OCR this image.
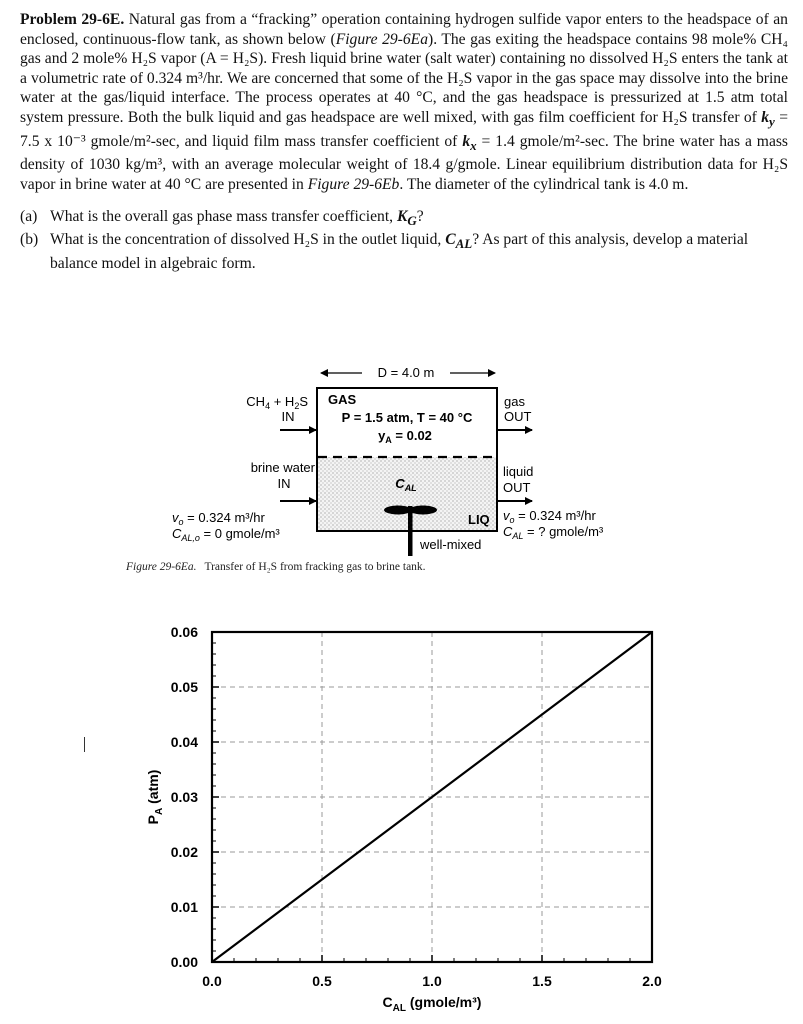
Problem 29-6E. Natural gas from a “fracking” operation containing hydrogen sulfide vapor enters to the headspace of an enclosed, continuous-flow tank, as shown below (Figure 29-6Ea). The gas exiting the headspace contains 98 mole% CH₄ gas and 2 mole% H₂S vapor (A = H₂S). Fresh liquid brine water (salt water) containing no dissolved H₂S enters the tank at a volumetric rate of 0.324 m³/hr. We are concerned that some of the H₂S vapor in the gas space may dissolve into the brine water at the gas/liquid interface. The process operates at 40 °C, and the gas headspace is pressurized at 1.5 atm total system pressure. Both the bulk liquid and gas headspace are well mixed, with gas film coefficient for H₂S transfer of $k_y = 7.5$ x 10⁻³ gmole/m²-sec, and liquid film mass transfer coefficient of $k_x = 1.4$ gmole/m²-sec. The brine water has a mass density of 1030 kg/m³, with an average molecular weight of 18.4 g/gmole. Linear equilibrium distribution data for H₂S vapor in brine water at 40 °C are presented in Figure 29-6Eb. The diameter of the cylindrical tank is 4.0 m.

(a) What is the overall gas phase mass transfer coefficient, $K_G$?
(b) What is the concentration of dissolved H₂S in the outlet liquid, $C_{AL}$? As part of this analysis, develop a material balance model in algebraic form.
D = 4.0 m
GAS
P = 1.5 atm, T = 40 °C
$y_A = 0.02$
$CH_4 + H_2S$
IN
gas
OUT
brine water
IN	$C_{AL}$
liquid
OUT
LIQ
well-mixed
$v_o = 0.324$ m³/hr
$C_{AL,o} = 0$ gmole/m³
$v_o = 0.324$ m³/hr
$C_{AL}$ = ? gmole/m³
Figure 29-6Ea. Transfer of H₂S from fracking gas to brine tank.
0.0	0.5	1.0	1.5	2.0
0.00
0.01
0.02
0.03
0.04
0.05
0.06
$C_{AL}$ (gmole/m³)
$P_A$ (atm)
